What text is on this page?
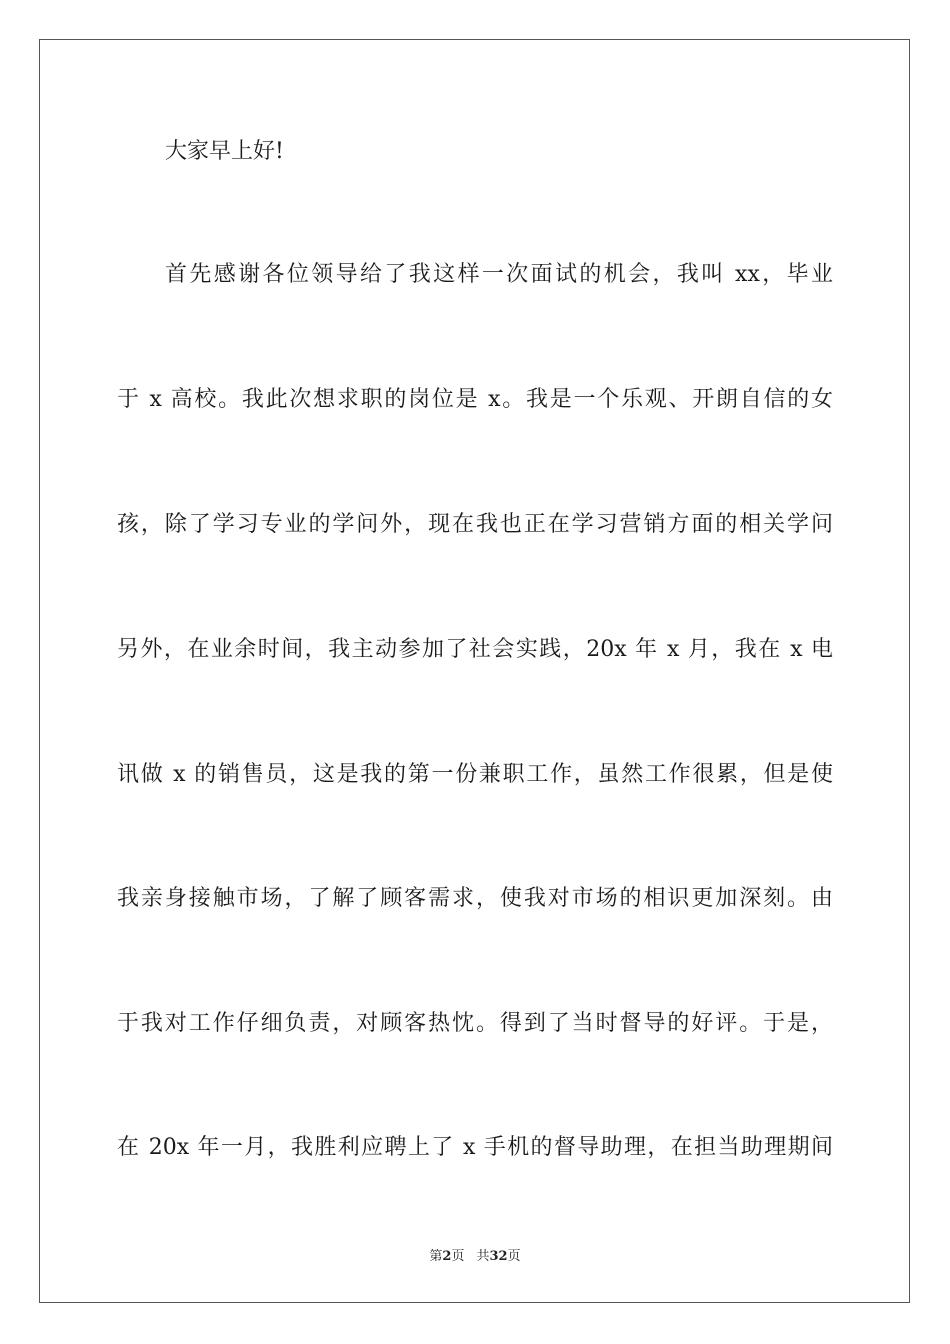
大家早上好!
首先感谢各位领导给了我这样一次面试的机会，我叫 xx，毕业
于 x 高校。我此次想求职的岗位是 x。我是一个乐观、开朗自信的女
孩，除了学习专业的学问外，现在我也正在学习营销方面的相关学问
另外，在业余时间，我主动参加了社会实践，20x 年 x 月，我在 x 电
讯做 x 的销售员，这是我的第一份兼职工作，虽然工作很累，但是使
我亲身接触市场，了解了顾客需求，使我对市场的相识更加深刻。由
于我对工作仔细负责，对顾客热忱。得到了当时督导的好评。于是，
在 20x 年一月，我胜利应聘上了 x 手机的督导助理，在担当助理期间
第2页 共32页
